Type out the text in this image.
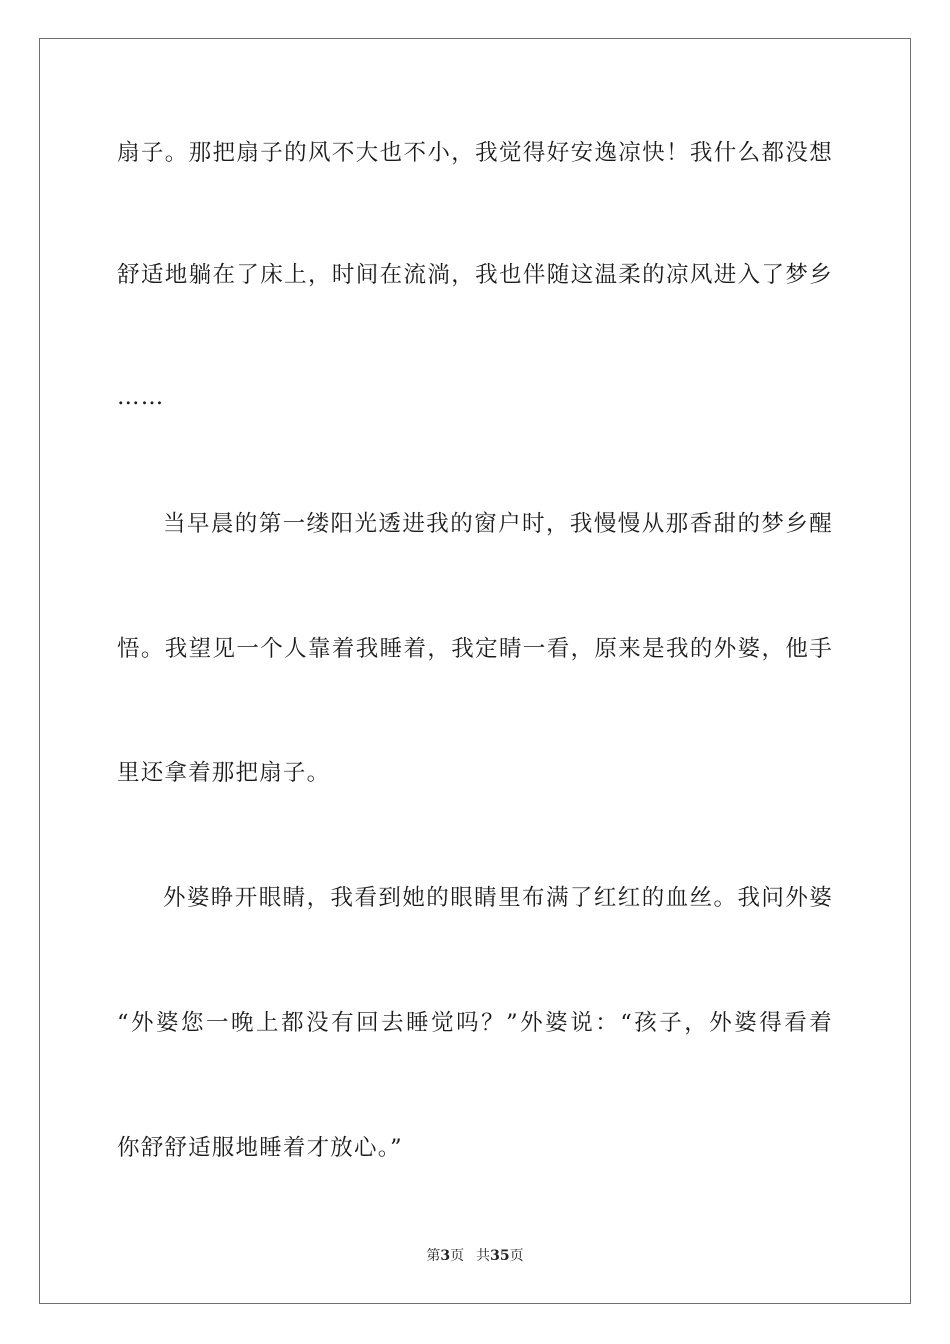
扇子。那把扇子的风不大也不小，我觉得好安逸凉快！我什么都没想
舒适地躺在了床上，时间在流淌，我也伴随这温柔的凉风进入了梦乡
……
当早晨的第一缕阳光透进我的窗户时，我慢慢从那香甜的梦乡醒
悟。我望见一个人靠着我睡着，我定睛一看，原来是我的外婆，他手
里还拿着那把扇子。
外婆睁开眼睛，我看到她的眼睛里布满了红红的血丝。我问外婆
“外婆您一晚上都没有回去睡觉吗？”外婆说：“孩子，外婆得看着
你舒舒适服地睡着才放心。”
第3页 共35页
